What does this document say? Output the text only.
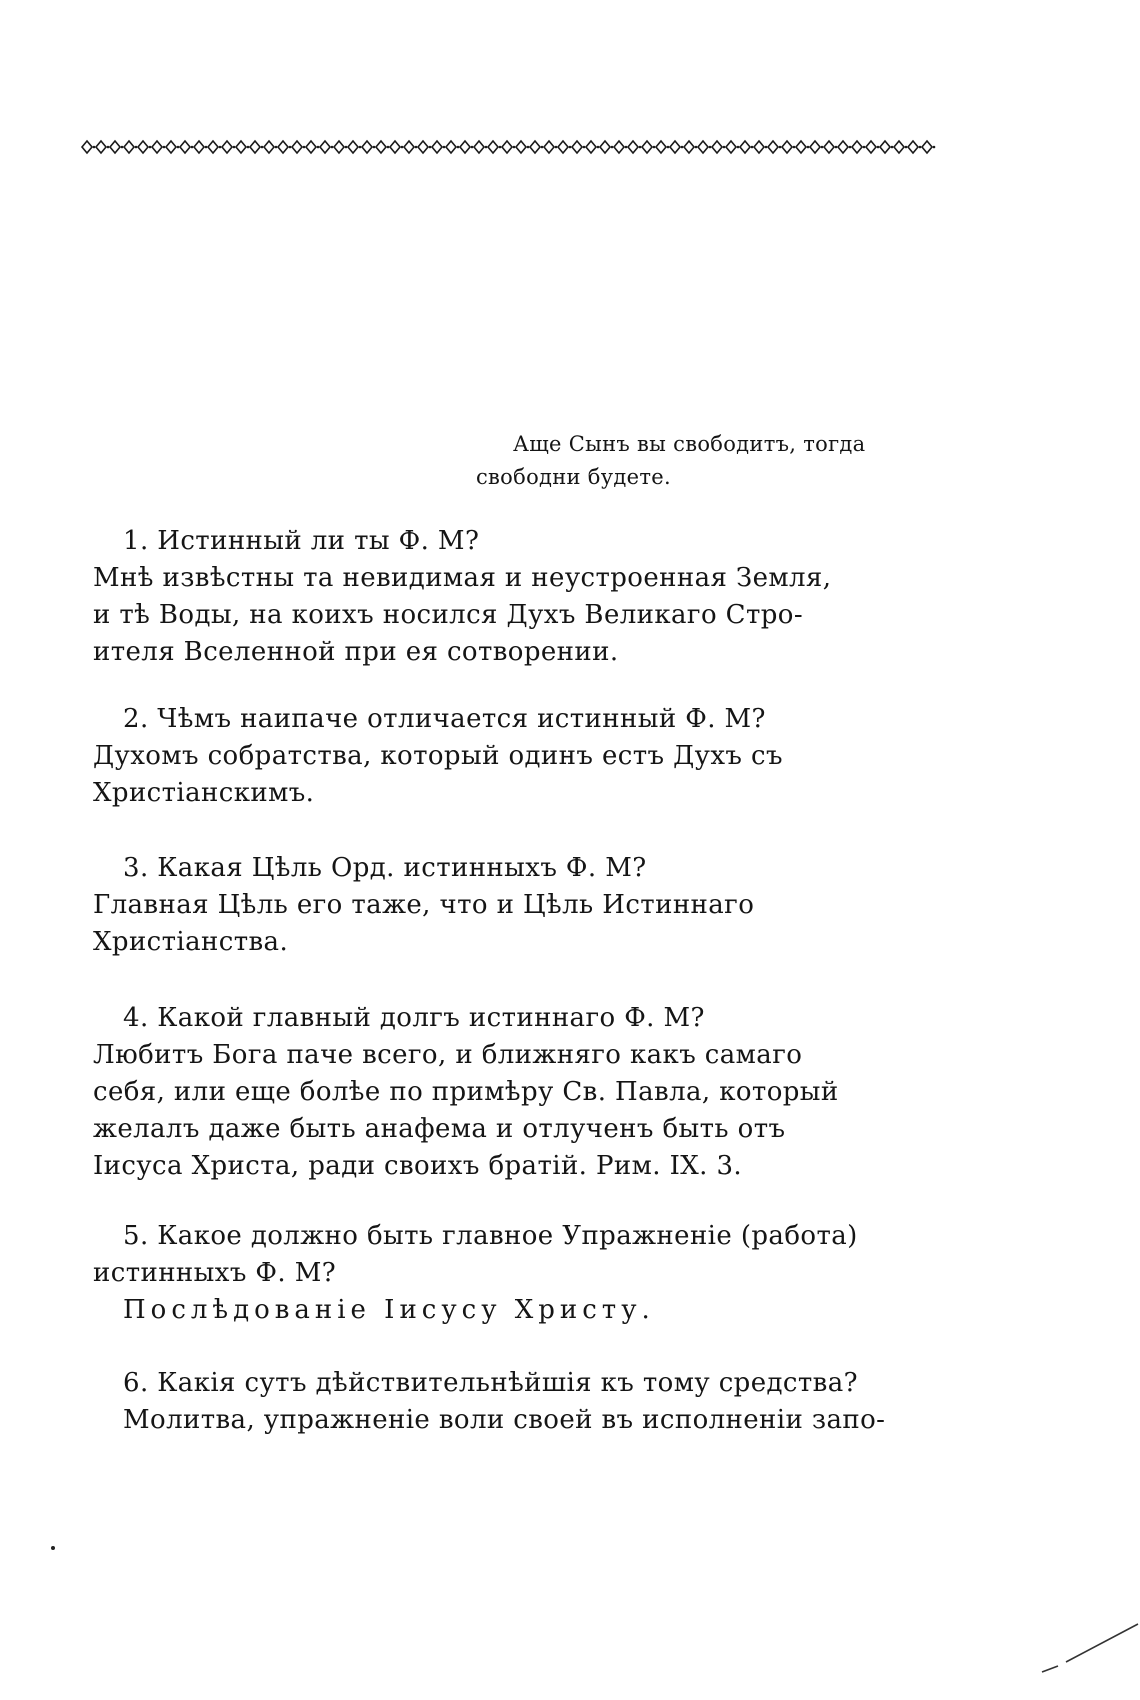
Аще Сынъ вы свободитъ, тогда
свободни будете.
1. Истинный ли ты Ф. М?
Мнѣ извѣстны та невидимая и неустроенная Земля,
и тѣ Воды, на коихъ носился Духъ Великаго Стро-
ителя Вселенной при ея сотворении.
2. Чѣмъ наипаче отличается истинный Ф. М?
Духомъ собратства, который одинъ естъ Духъ съ
Христіанскимъ.
3. Какая Цѣль Орд. истинныхъ Ф. М?
Главная Цѣль его таже, что и Цѣль Истиннаго
Христіанства.
4. Какой главный долгъ истиннаго Ф. М?
Любитъ Бога паче всего, и ближняго какъ самаго
себя, или еще болѣе по примѣру Св. Павла, который
желалъ даже быть анафема и отлученъ быть отъ
Іисуса Христа, ради своихъ братій. Рим. IX. 3.
5. Какое должно быть главное Упражненіе (работа)
истинныхъ Ф. М?
Послѣдованіе Іисусу Христу.
6. Какія сутъ дѣйствительнѣйшія къ тому средства?
Молитва, упражненіе воли своей въ исполненіи запо-
